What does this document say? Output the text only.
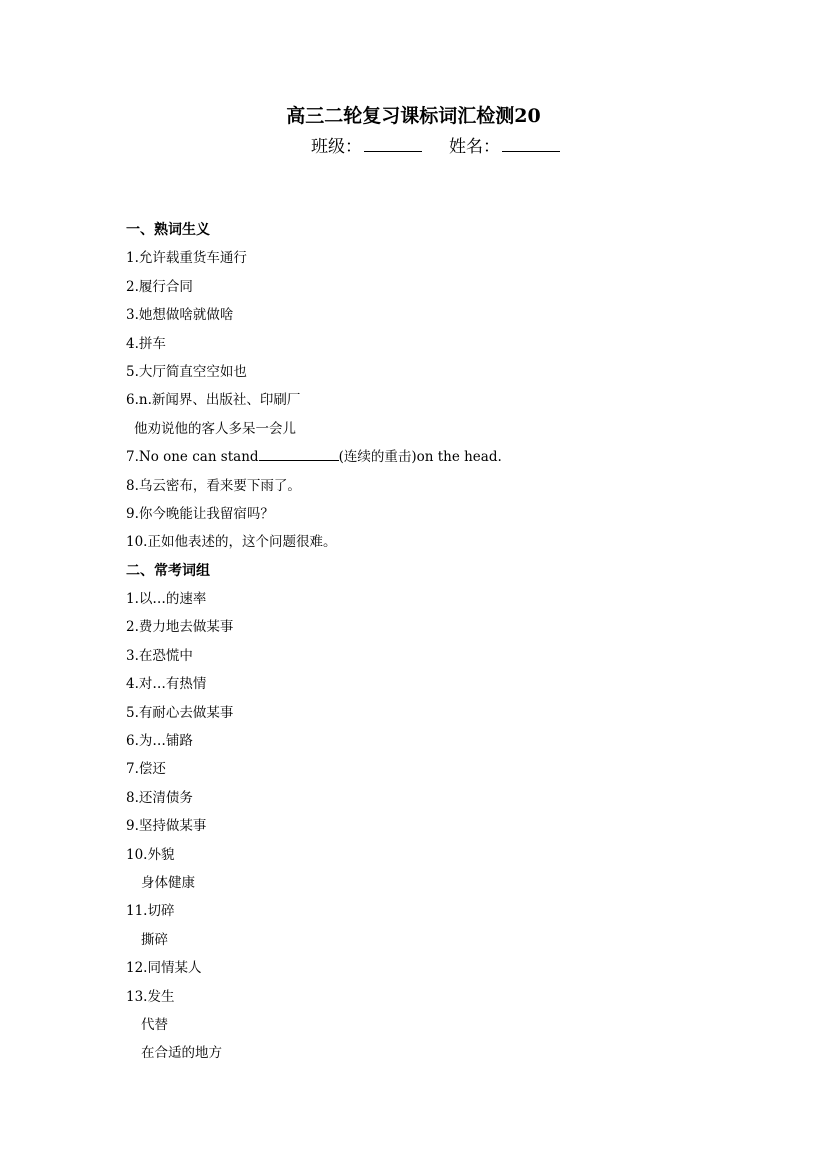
高三二轮复习课标词汇检测20
班级：	姓名：
一、熟词生义
1.允许载重货车通行
2.履行合同
3.她想做啥就做啥
4.拼车
5.大厅简直空空如也
6.n.新闻界、出版社、印刷厂
他劝说他的客人多呆一会儿
7.No one can stand	(连续的重击)on the head.
8.乌云密布，看来要下雨了。
9.你今晚能让我留宿吗？
10.正如他表述的，这个问题很难。
二、常考词组
1.以…的速率
2.费力地去做某事
3.在恐慌中
4.对…有热情
5.有耐心去做某事
6.为…铺路
7.偿还
8.还清债务
9.坚持做某事
10.外貌
身体健康
11.切碎
撕碎
12.同情某人
13.发生
代替
在合适的地方
